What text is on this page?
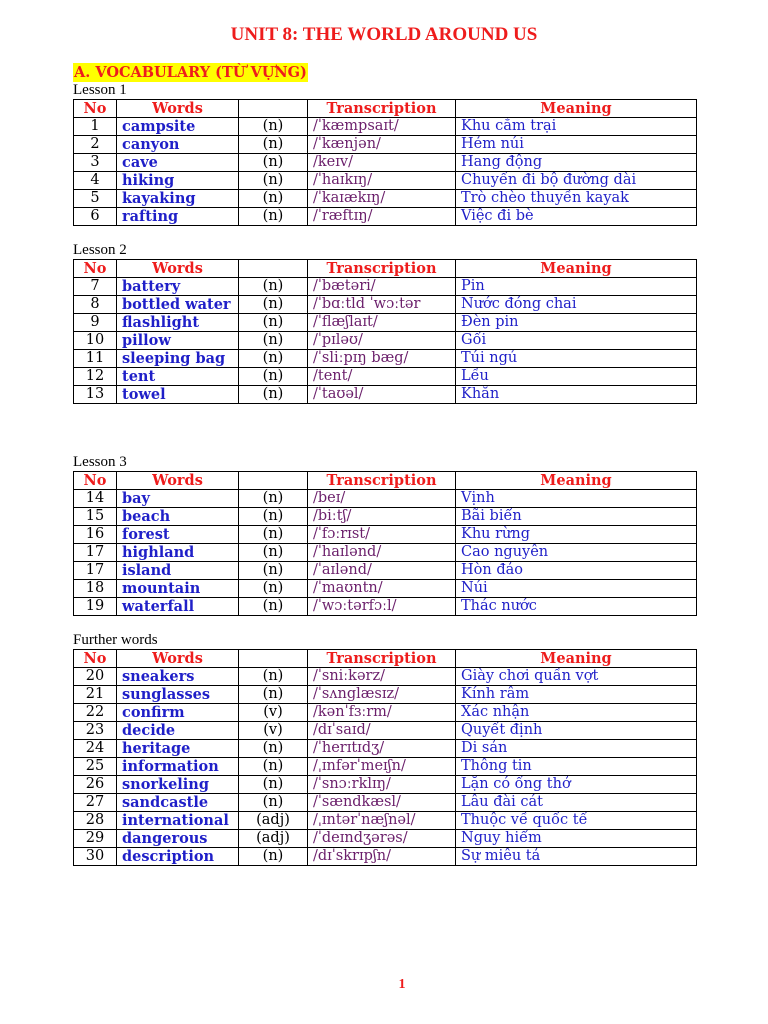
UNIT 8: THE WORLD AROUND US
A. VOCABULARY (TỪ VỰNG)
Lesson 1
No	Words		Transcription	Meaning
1	campsite	(n)	/ˈkæmpsaɪt/	Khu cắm trại
2	canyon	(n)	/ˈkænjən/	Hẻm núi
3	cave	(n)	/keɪv/	Hang động
4	hiking	(n)	/ˈhaɪkɪŋ/	Chuyến đi bộ đường dài
5	kayaking	(n)	/ˈkaɪækɪŋ/	Trò chèo thuyền kayak
6	rafting	(n)	/ˈræftɪŋ/	Việc đi bè
Lesson 2
No	Words		Transcription	Meaning
7	battery	(n)	/ˈbætəri/	Pin
8	bottled water	(n)	/ˈbɑːtld ˈwɔːtər	Nước đóng chai
9	flashlight	(n)	/ˈflæʃlaɪt/	Đèn pin
10	pillow	(n)	/ˈpɪləʊ/	Gối
11	sleeping bag	(n)	/ˈsliːpɪŋ bæg/	Túi ngủ
12	tent	(n)	/tent/	Lều
13	towel	(n)	/ˈtaʊəl/	Khăn
Lesson 3
No	Words		Transcription	Meaning
14	bay	(n)	/beɪ/	Vịnh
15	beach	(n)	/biːtʃ/	Bãi biển
16	forest	(n)	/ˈfɔːrɪst/	Khu rừng
17	highland	(n)	/ˈhaɪlənd/	Cao nguyên
17	island	(n)	/ˈaɪlənd/	Hòn đảo
18	mountain	(n)	/ˈmaʊntn/	Núi
19	waterfall	(n)	/ˈwɔːtərfɔːl/	Thác nước
Further words
No	Words		Transcription	Meaning
20	sneakers	(n)	/ˈsniːkərz/	Giày chơi quần vợt
21	sunglasses	(n)	/ˈsʌnglæsɪz/	Kính râm
22	confirm	(v)	/kənˈfɜːrm/	Xác nhận
23	decide	(v)	/dɪˈsaɪd/	Quyết định
24	heritage	(n)	/ˈherɪtɪdʒ/	Di sản
25	information	(n)	/ˌɪnfərˈmeɪʃn/	Thông tin
26	snorkeling	(n)	/ˈsnɔːrklɪŋ/	Lặn có ống thở
27	sandcastle	(n)	/ˈsændkæsl/	Lâu đài cát
28	international	(adj)	/ˌɪntərˈnæʃnəl/	Thuộc về quốc tế
29	dangerous	(adj)	/ˈdeɪndʒərəs/	Nguy hiểm
30	description	(n)	/dɪˈskrɪpʃn/	Sự miêu tả
1
